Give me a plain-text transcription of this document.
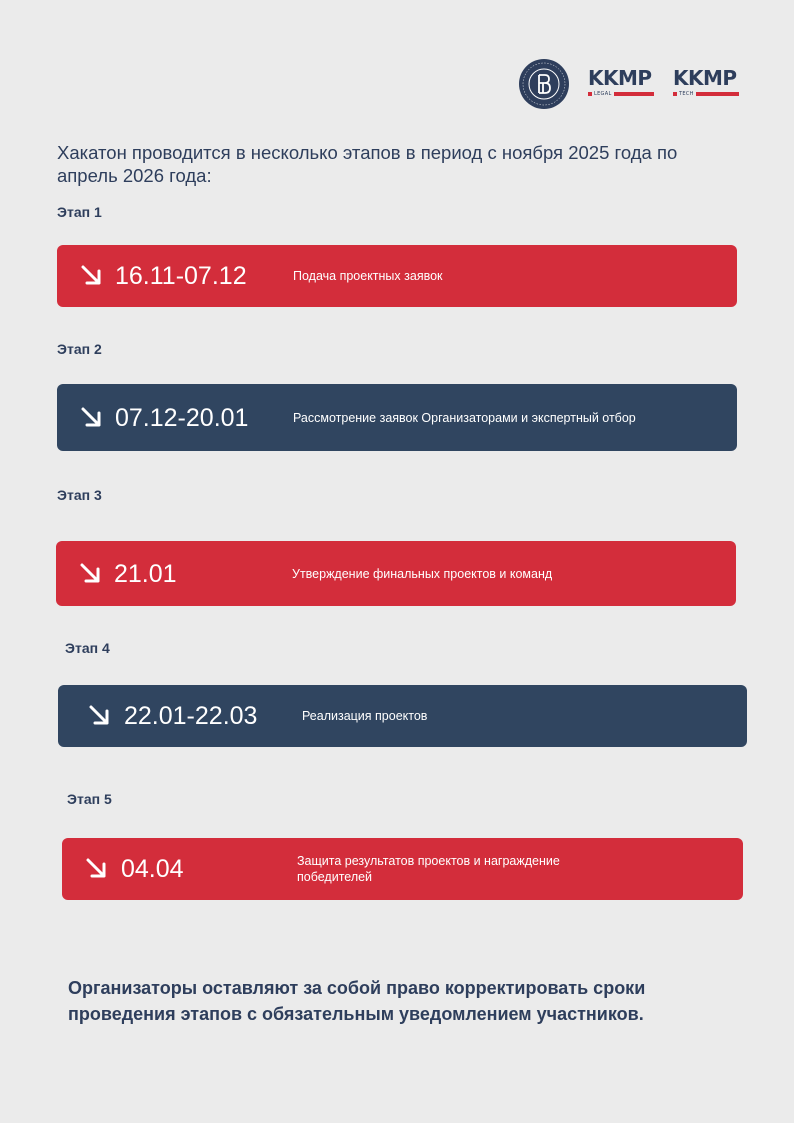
KKMP
LEGAL
KKMP
TECH
Хакатон проводится в несколько этапов в период с ноября 2025 года по апрель 2026 года:
Этап 1
16.11-07.12	Подача проектных заявок
Этап 2
07.12-20.01	Рассмотрение заявок Организаторами и экспертный отбор
Этап 3
21.01	Утверждение финальных проектов и команд
Этап 4
22.01-22.03	Реализация проектов
Этап 5
04.04	Защита результатов проектов и награждение победителей
Организаторы оставляют за собой право корректировать сроки проведения этапов с обязательным уведомлением участников.
